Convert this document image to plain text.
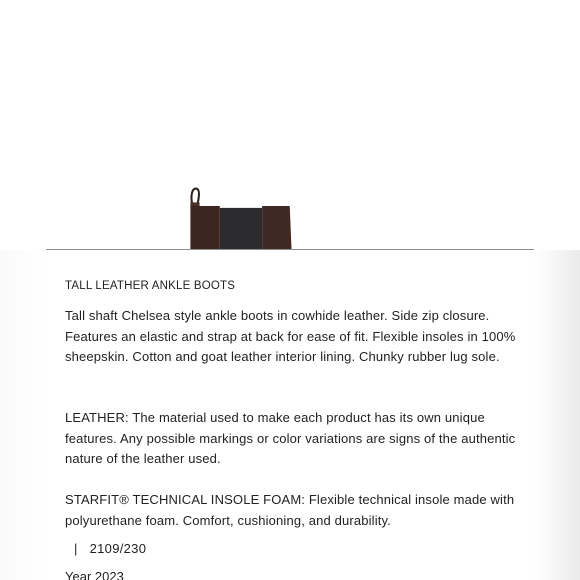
TALL LEATHER ANKLE BOOTS

Tall shaft Chelsea style ankle boots in cowhide leather. Side zip closure. Features an elastic and strap at back for ease of fit. Flexible insoles in 100% sheepskin. Cotton and goat leather interior lining. Chunky rubber lug sole.

LEATHER: The material used to make each product has its own unique features. Any possible markings or color variations are signs of the authentic nature of the leather used.

STARFIT® TECHNICAL INSOLE FOAM: Flexible technical insole made with polyurethane foam. Comfort, cushioning, and durability.

| 2109/230
Year 2023
